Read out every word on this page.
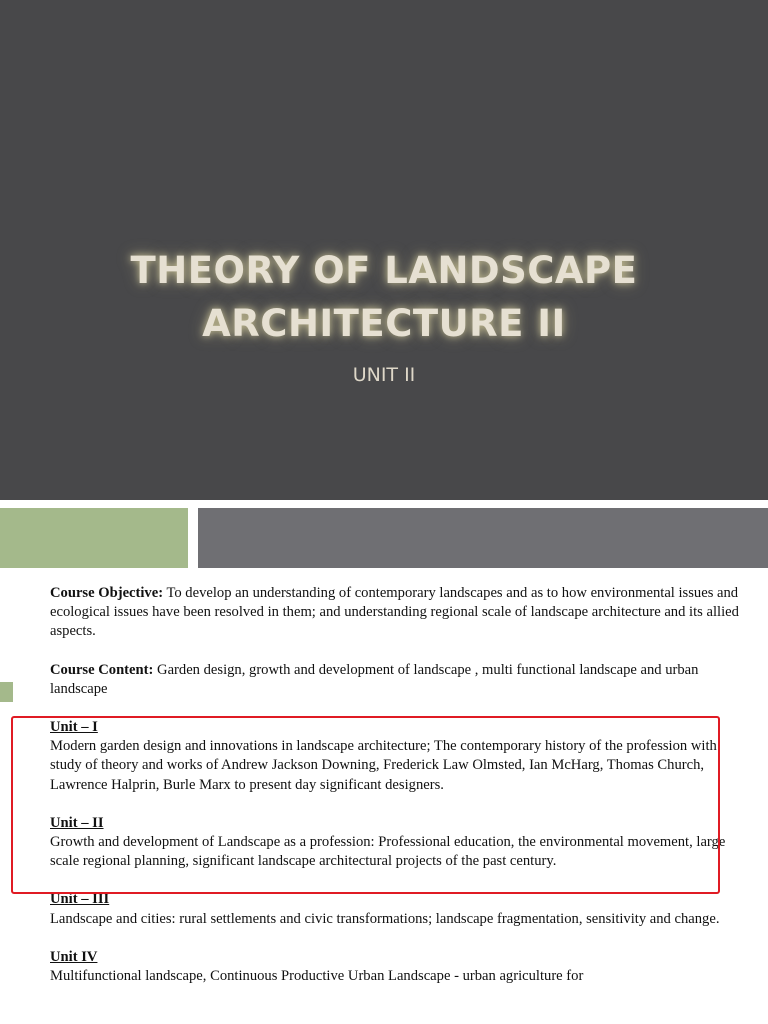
THEORY OF LANDSCAPE
ARCHITECTURE II
UNIT II

Course Objective: To develop an understanding of contemporary landscapes and as to how environmental issues and ecological issues have been resolved in them; and understanding regional scale of landscape architecture and its allied aspects.

Course Content: Garden design, growth and development of landscape , multi functional landscape and urban landscape

Unit – I
Modern garden design and innovations in landscape architecture; The contemporary history of the profession with study of theory and works of Andrew Jackson Downing, Frederick Law Olmsted, Ian McHarg, Thomas Church, Lawrence Halprin, Burle Marx to present day significant designers.
Unit – II
Growth and development of Landscape as a profession: Professional education, the environmental movement, large scale regional planning, significant landscape architectural projects of the past century.
Unit – III
Landscape and cities: rural settlements and civic transformations; landscape fragmentation, sensitivity and change.
Unit IV
Multifunctional landscape, Continuous Productive Urban Landscape - urban agriculture for
